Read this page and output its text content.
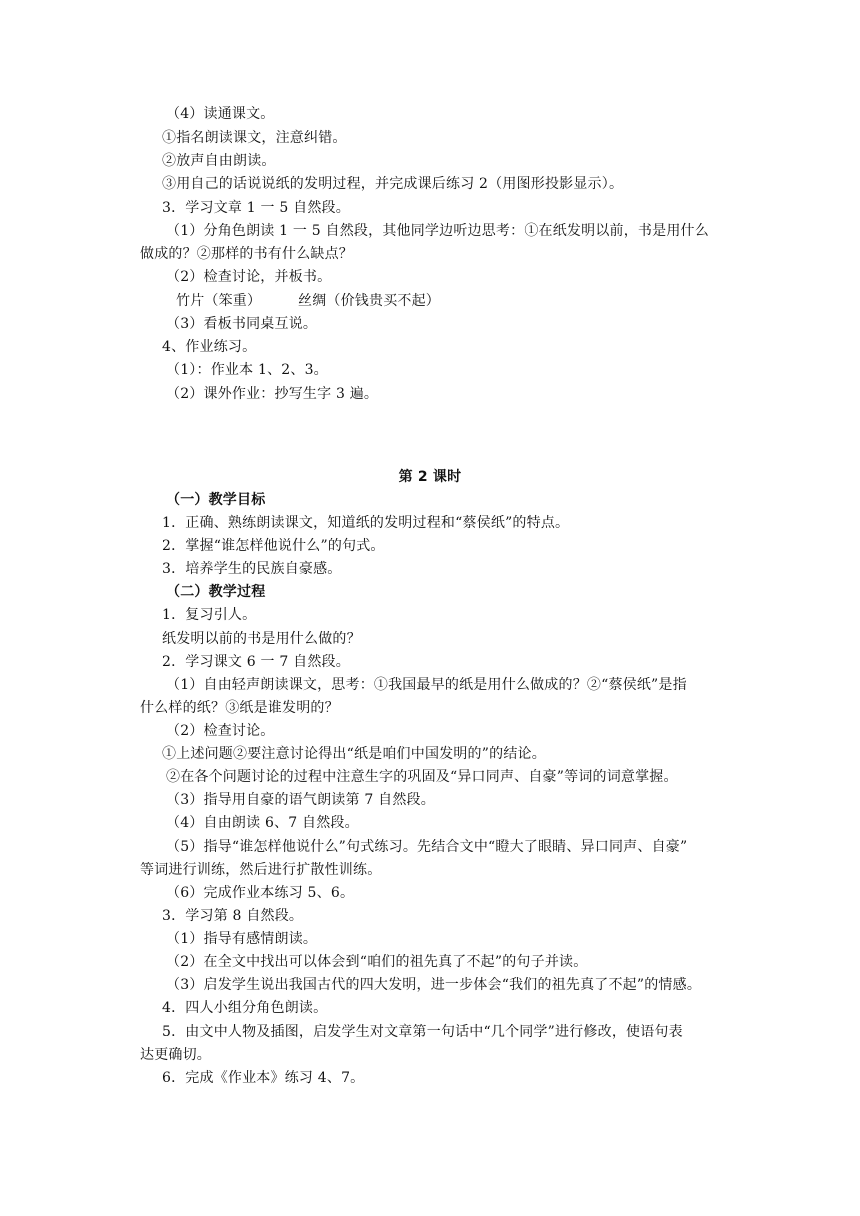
（4）读通课文。
①指名朗读课文，注意纠错。
②放声自由朗读。
③用自己的话说说纸的发明过程，并完成课后练习 2（用图形投影显示）。
3．学习文章 1 一 5 自然段。
（1）分角色朗读 1 一 5 自然段，其他同学边听边思考：①在纸发明以前，书是用什么
做成的？②那样的书有什么缺点？
（2）检查讨论，并板书。
竹片（笨重）	丝绸（价钱贵买不起）
（3）看板书同桌互说。
4、作业练习。
（1）：作业本 1、2、3。
（2）课外作业：抄写生字 3 遍。
第 2 课时
（一）教学目标
1．正确、熟练朗读课文，知道纸的发明过程和“蔡侯纸”的特点。
2．掌握“谁怎样他说什么”的句式。
3．培养学生的民族自豪感。
（二）教学过程
1．复习引人。
纸发明以前的书是用什么做的？
2．学习课文 6 一 7 自然段。
（1）自由轻声朗读课文，思考：①我国最早的纸是用什么做成的？②“蔡侯纸”是指
什么样的纸？③纸是谁发明的？
（2）检查讨论。
①上述问题②要注意讨论得出“纸是咱们中国发明的”的结论。
②在各个问题讨论的过程中注意生字的巩固及“异口同声、自豪”等词的词意掌握。
（3）指导用自豪的语气朗读第 7 自然段。
（4）自由朗读 6、7 自然段。
（5）指导“谁怎样他说什么”句式练习。先结合文中“瞪大了眼睛、异口同声、自豪”
等词进行训练，然后进行扩散性训练。
（6）完成作业本练习 5、6。
3．学习第 8 自然段。
（1）指导有感情朗读。
（2）在全文中找出可以体会到“咱们的祖先真了不起”的句子并读。
（3）启发学生说出我国古代的四大发明，进一步体会“我们的祖先真了不起”的情感。
4．四人小组分角色朗读。
5．由文中人物及插图，启发学生对文章第一句话中“几个同学”进行修改，使语句表
达更确切。
6．完成《作业本》练习 4、7。
